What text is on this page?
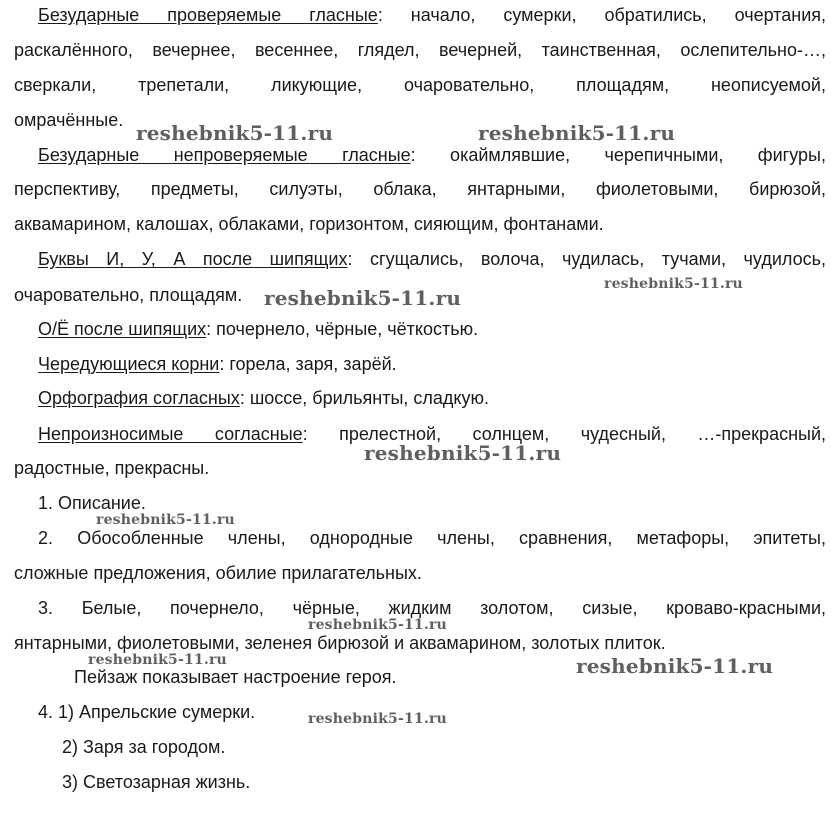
Безударные проверяемые гласные: начало, сумерки, обратились, очертания,
раскалённого, вечернее, весеннее, глядел, вечерней, таинственная, ослепительно-…,
сверкали, трепетали, ликующие, очаровательно, площадям, неописуемой,
омрачённые.
Безударные непроверяемые гласные: окаймлявшие, черепичными, фигуры,
перспективу, предметы, силуэты, облака, янтарными, фиолетовыми, бирюзой,
аквамарином, калошах, облаками, горизонтом, сияющим, фонтанами.
Буквы И, У, А после шипящих: сгущались, волоча, чудилась, тучами, чудилось,
очаровательно, площадям.
О/Ё после шипящих: почернело, чёрные, чёткостью.
Чередующиеся корни: горела, заря, зарёй.
Орфография согласных: шоссе, брильянты, сладкую.
Непроизносимые согласные: прелестной, солнцем, чудесный, …-прекрасный,
радостные, прекрасны.
1. Описание.
2. Обособленные члены, однородные члены, сравнения, метафоры, эпитеты,
сложные предложения, обилие прилагательных.
3. Белые, почернело, чёрные, жидким золотом, сизые, кроваво-красными,
янтарными, фиолетовыми, зеленея бирюзой и аквамарином, золотых плиток.
Пейзаж показывает настроение героя.
4. 1) Апрельские сумерки.
2) Заря за городом.
3) Светозарная жизнь.
reshebnik5-11.ru	reshebnik5-11.ru
reshebnik5-11.ru
reshebnik5-11.ru
reshebnik5-11.ru
reshebnik5-11.ru
reshebnik5-11.ru
reshebnik5-11.ru	reshebnik5-11.ru
reshebnik5-11.ru
